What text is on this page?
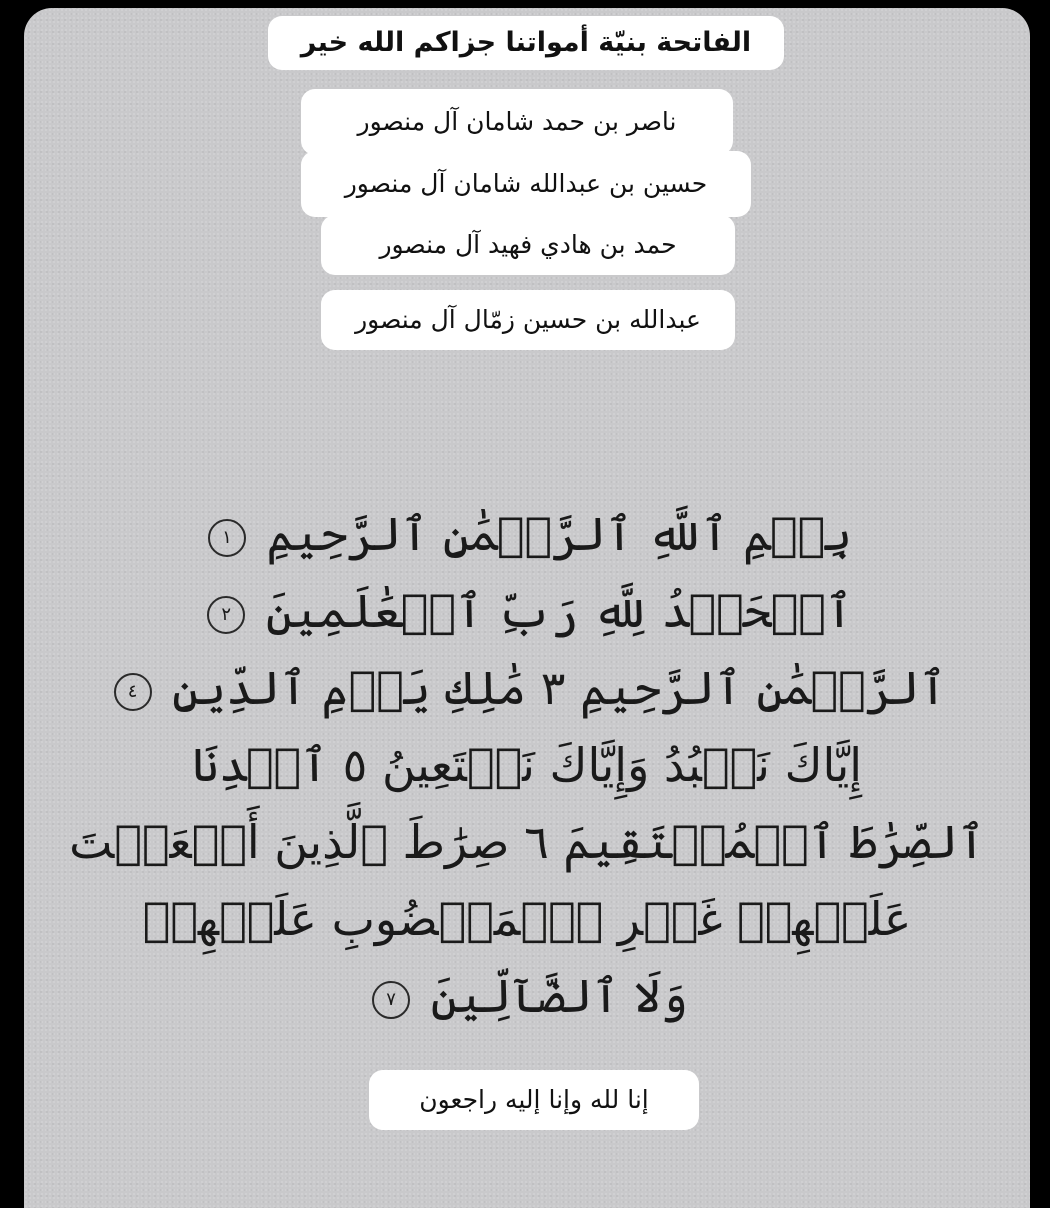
الفاتحة بنيّة أمواتنا جزاكم الله خير
ناصر بن حمد شامان آل منصور
حسين بن عبدالله شامان آل منصور
حمد بن هادي فهيد آل منصور
عبدالله بن حسين زمّال آل منصور
بِسۡمِ ٱللَّهِ ٱلرَّحۡمَٰنِ ٱلرَّحِيمِ ١
ٱلۡحَمۡدُ لِلَّهِ رَبِّ ٱلۡعَٰلَمِينَ ٢
ٱلرَّحۡمَٰنِ ٱلرَّحِيمِ ٣ مَٰلِكِ يَوۡمِ ٱلدِّينِ ٤
إِيَّاكَ نَعۡبُدُ وَإِيَّاكَ نَسۡتَعِينُ ٥ ٱهۡدِنَا
ٱلصِّرَٰطَ ٱلۡمُسۡتَقِيمَ ٦ صِرَٰطَ ٱلَّذِينَ أَنۡعَمۡتَ
عَلَيۡهِمۡ غَيۡرِ ٱلۡمَغۡضُوبِ عَلَيۡهِمۡ
وَلَا ٱلضَّآلِّينَ ٧
إنا لله وإنا إليه راجعون
